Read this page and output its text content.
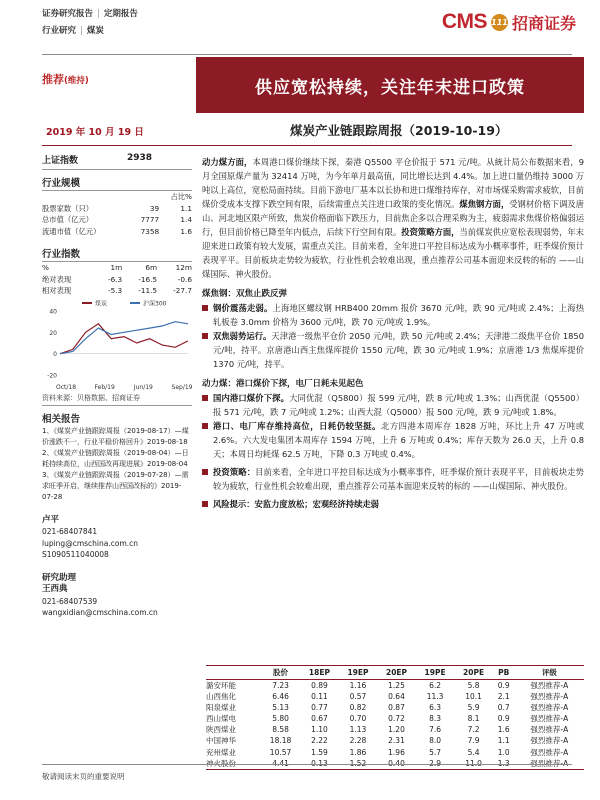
证券研究报告 | 定期报告
行业研究 | 煤炭	CMS 111 招商证券
推荐(维持)	供应宽松持续，关注年末进口政策
2019 年 10 月 19 日	煤炭产业链跟踪周报（2019-10-19）
上证指数	2938
行业规模
		占比%
股票家数（只）	39	1.1
总市值（亿元）	7777	1.4
流通市值（亿元）	7358	1.6
行业指数
%	1m	6m	12m
绝对表现	-6.3	-16.5	-0.6
相对表现	-5.3	-11.5	-27.7
40
20
0
-20
Oct/18	Feb/19	Jun/19	Sep/19
煤炭	沪深300
资料来源：贝格数据、招商证券
相关报告
1、《煤炭产业链跟踪周报（2019-08-17）—煤价涨跌不一，行业平稳价格回升》2019-08-18
2、《煤炭产业链跟踪周报（2019-08-04）—日耗持续高位，山西国改再现进展》2019-08-04
3、《煤炭产业链跟踪周报（2019-07-28）—需求旺季开启，继续推荐山西国改标的》2019-07-28
卢平
021-68407841
luping@cmschina.com.cn
S1090511040008
研究助理
王西典
021-68407539
wangxidian@cmschina.com.cn
动力煤方面，本周港口煤价继续下探，秦港 Q5500 平仓价报于 571 元/吨。从統计局公布数据来看，9 月全国原煤产量为 32414 万吨，为今年单月最高值，同比增长达到 4.4%。加上进口量仍维持 3000 万吨以上高位，宽松局面持续。目前下游电厂基本以长协和进口煤维持库存，对市场煤采购需求疲软，目前煤价受成本支撑下跌空间有限，后续需重点关注进口政策的变化情况。煤焦钢方面，受钢材价格下调及唐山、河北地区限产所致，焦炭价格面临下跌压力，目前焦企多以合理采购为主，疲弱需求焦煤价格偏弱运行，但目前价格已降至年内低点，后续下行空间有限。投资策略方面，当前煤炭供应宽松表现弱势，年末迎来进口政策有较大发展，需重点关注。目前来看，全年进口平控目标达成为小概率事件，旺季煤价预计表现平平。目前板块走势较为疲软，行业性机会较难出现，重点推荐公司基本面迎来反转的标的 ——山煤国际、神火股份。
煤焦钢：双焦止跌反弹
钢价震荡走弱。上海地区螺纹钢 HRB400 20mm 报价 3670 元/吨，跌 90 元/吨或 2.4%；上海热轧板卷 3.0mm 价格为 3600 元/吨，跌 70 元/吨或 1.9%。
双焦弱势运行。天津港一级焦平仓价 2050 元/吨，跌 50 元/吨或 2.4%；天津港二级焦平仓价 1850 元/吨，持平。京唐港山西主焦煤库提价 1550 元/吨，跌 30 元/吨或 1.9%；京唐港 1/3 焦煤库提价 1370 元/吨，持平。
动力煤：港口煤价下探，电厂日耗未见起色
国内港口煤价下探。大同优混（Q5800）报 599 元/吨，跌 8 元/吨或 1.3%；山西优混（Q5500）报 571 元/吨，跌 7 元/吨或 1.2%；山西大混（Q5000）报 500 元/吨，跌 9 元/吨或 1.8%。
港口、电厂库存维持高位，日耗仍较坚挺。北方四港本周库存 1828 万吨，环比上升 47 万吨或 2.6%。六大发电集团本周库存 1594 万吨，上升 6 万吨或 0.4%；库存天数为 26.0 天，上升 0.8 天；本周日均耗煤 62.5 万吨，下降 0.3 万吨或 0.4%。
投资策略：目前来看，全年进口平控目标达成为小概率事件，旺季煤价预计表现平平，目前板块走势较为疲软，行业性机会较难出现，重点推荐公司基本面迎来反转的标的 ——山煤国际、神火股份。
风险提示：安监力度放松；宏观经济持续走弱
	股价	18EP	19EP	20EP	19PE	20PE	PB	评级
潞安环能	7.23	0.89	1.16	1.25	6.2	5.8	0.9	强烈推荐-A
山西焦化	6.46	0.11	0.57	0.64	11.3	10.1	2.1	强烈推荐-A
阳泉煤业	5.13	0.77	0.82	0.87	6.3	5.9	0.7	强烈推荐-A
西山煤电	5.80	0.67	0.70	0.72	8.3	8.1	0.9	强烈推荐-A
陕西煤业	8.58	1.10	1.13	1.20	7.6	7.2	1.6	强烈推荐-A
中国神华	18.18	2.22	2.28	2.31	8.0	7.9	1.1	强烈推荐-A
兖州煤业	10.57	1.59	1.86	1.96	5.7	5.4	1.0	强烈推荐-A
神火股份	4.41	0.13	1.52	0.40	2.9	11.0	1.3	强烈推荐-A
敬请阅读末页的重要说明
